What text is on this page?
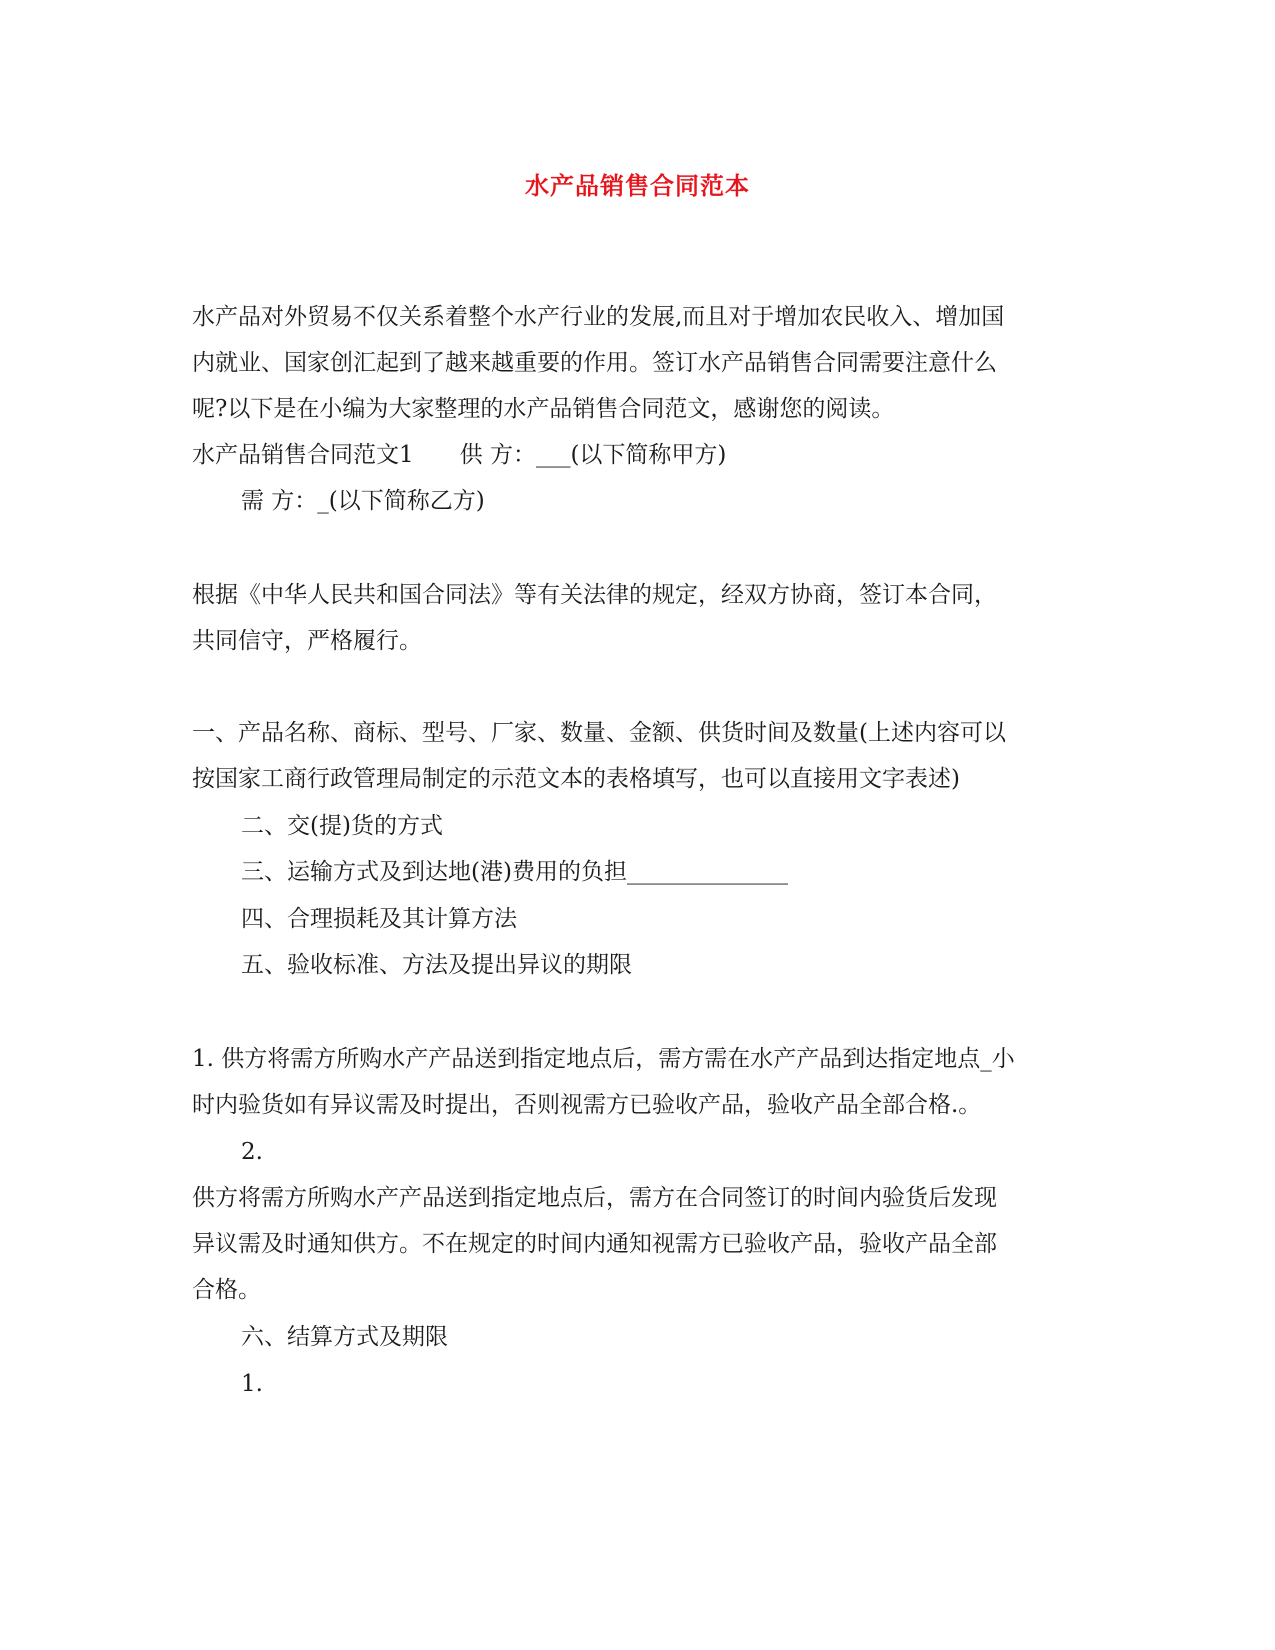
水产品销售合同范本
水产品对外贸易不仅关系着整个水产行业的发展,而且对于增加农民收入、增加国
内就业、国家创汇起到了越来越重要的作用。签订水产品销售合同需要注意什么
呢?以下是在小编为大家整理的水产品销售合同范文，感谢您的阅读。
水产品销售合同范文1　　供 方：___(以下简称甲方)
需 方：_(以下简称乙方)
根据《中华人民共和国合同法》等有关法律的规定，经双方协商，签订本合同，
共同信守，严格履行。
一、产品名称、商标、型号、厂家、数量、金额、供货时间及数量(上述内容可以
按国家工商行政管理局制定的示范文本的表格填写，也可以直接用文字表述)
二、交(提)货的方式
三、运输方式及到达地(港)费用的负担______________
四、合理损耗及其计算方法
五、验收标准、方法及提出异议的期限
1. 供方将需方所购水产产品送到指定地点后，需方需在水产产品到达指定地点_小
时内验货如有异议需及时提出，否则视需方已验收产品，验收产品全部合格.。
2.
供方将需方所购水产产品送到指定地点后，需方在合同签订的时间内验货后发现
异议需及时通知供方。不在规定的时间内通知视需方已验收产品，验收产品全部
合格。
六、结算方式及期限
1.
